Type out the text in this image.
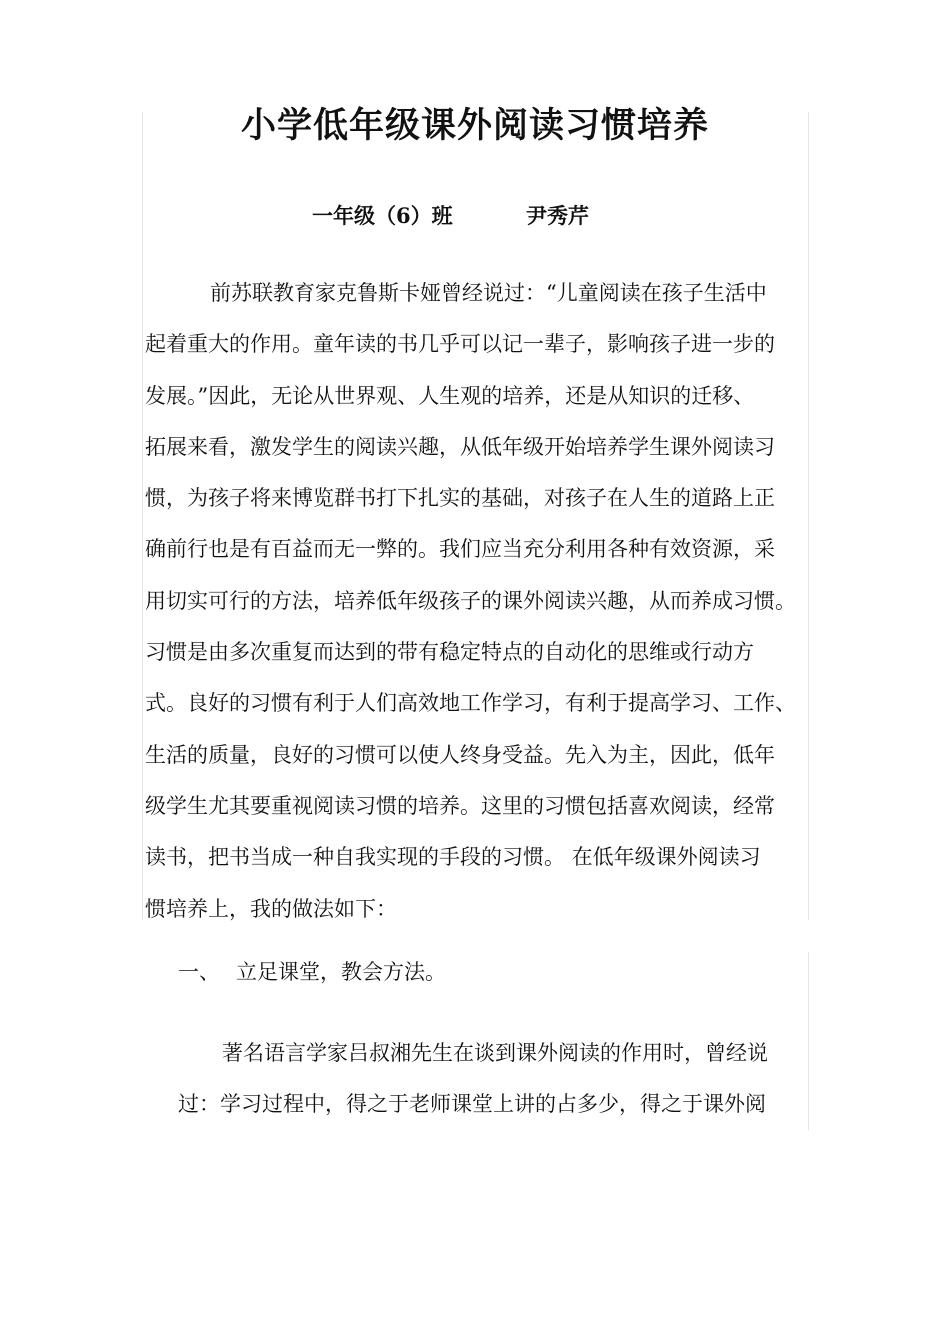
小学低年级课外阅读习惯培养
一年级（6）班	尹秀芹
前苏联教育家克鲁斯卡娅曾经说过：“儿童阅读在孩子生活中
起着重大的作用。童年读的书几乎可以记一辈子，影响孩子进一步的
发展。”因此，无论从世界观、人生观的培养，还是从知识的迁移、
拓展来看，激发学生的阅读兴趣，从低年级开始培养学生课外阅读习
惯，为孩子将来博览群书打下扎实的基础，对孩子在人生的道路上正
确前行也是有百益而无一弊的。我们应当充分利用各种有效资源，采
用切实可行的方法，培养低年级孩子的课外阅读兴趣，从而养成习惯。
习惯是由多次重复而达到的带有稳定特点的自动化的思维或行动方
式。良好的习惯有利于人们高效地工作学习，有利于提高学习、工作、
生活的质量，良好的习惯可以使人终身受益。先入为主，因此，低年
级学生尤其要重视阅读习惯的培养。这里的习惯包括喜欢阅读，经常
读书，把书当成一种自我实现的手段的习惯。 在低年级课外阅读习
惯培养上，我的做法如下：
一、 立足课堂，教会方法。
著名语言学家吕叔湘先生在谈到课外阅读的作用时，曾经说
过：学习过程中，得之于老师课堂上讲的占多少，得之于课外阅
